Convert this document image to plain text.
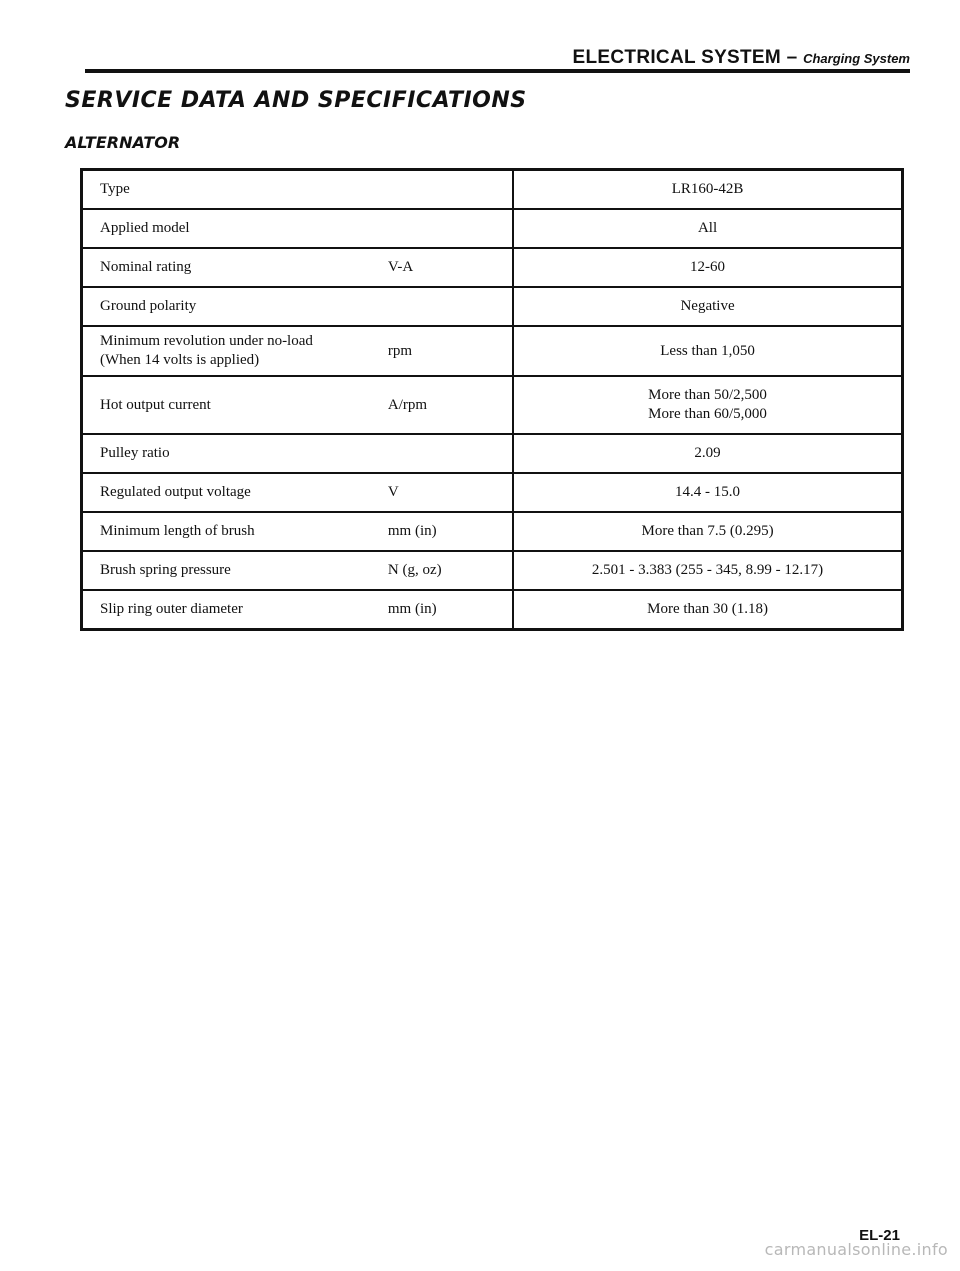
ELECTRICAL SYSTEM – Charging System
SERVICE DATA AND SPECIFICATIONS
ALTERNATOR
Type		LR160-42B

Applied model		All

Nominal rating	V-A	12-60

Ground polarity		Negative

Minimum revolution under no-load
(When 14 volts is applied)	rpm	Less than 1,050

Hot output current	A/rpm	More than 50/2,500
More than 60/5,000

Pulley ratio		2.09

Regulated output voltage	V	14.4 - 15.0

Minimum length of brush	mm (in)	More than 7.5 (0.295)

Brush spring pressure	N (g, oz)	2.501 - 3.383 (255 - 345, 8.99 - 12.17)

Slip ring outer diameter	mm (in)	More than 30 (1.18)
EL-21
carmanualsonline.info
